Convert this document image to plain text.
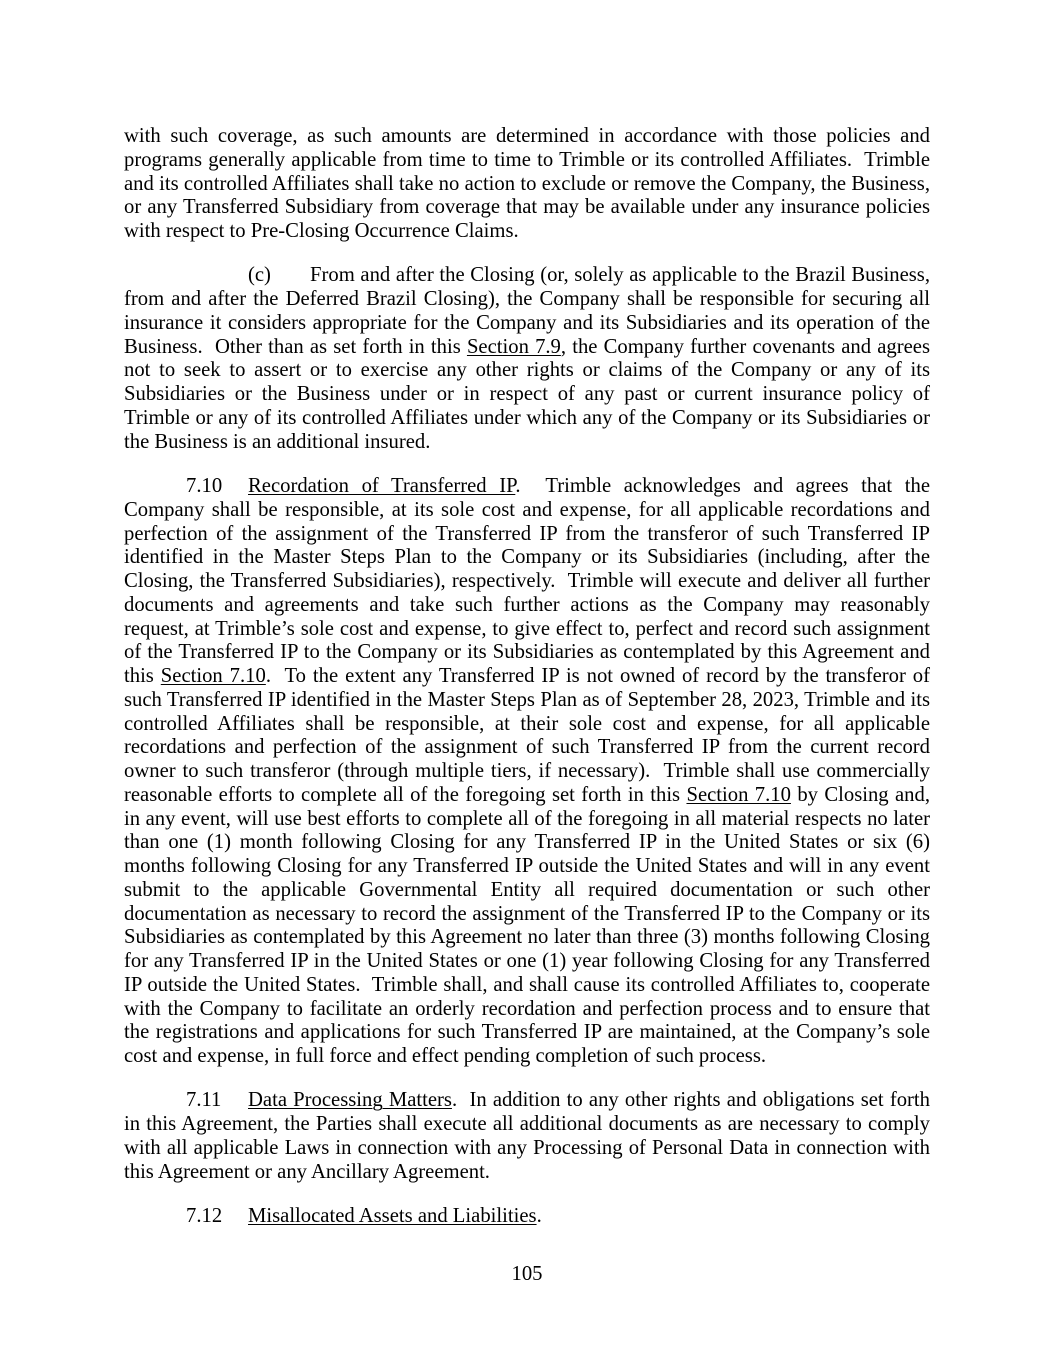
with such coverage, as such amounts are determined in accordance with those policies and programs generally applicable from time to time to Trimble or its controlled Affiliates.  Trimble and its controlled Affiliates shall take no action to exclude or remove the Company, the Business, or any Transferred Subsidiary from coverage that may be available under any insurance policies with respect to Pre-Closing Occurrence Claims.

(c) From and after the Closing (or, solely as applicable to the Brazil Business, from and after the Deferred Brazil Closing), the Company shall be responsible for securing all insurance it considers appropriate for the Company and its Subsidiaries and its operation of the Business.  Other than as set forth in this Section 7.9, the Company further covenants and agrees not to seek to assert or to exercise any other rights or claims of the Company or any of its Subsidiaries or the Business under or in respect of any past or current insurance policy of Trimble or any of its controlled Affiliates under which any of the Company or its Subsidiaries or the Business is an additional insured.

7.10 Recordation of Transferred IP.  Trimble acknowledges and agrees that the Company shall be responsible, at its sole cost and expense, for all applicable recordations and perfection of the assignment of the Transferred IP from the transferor of such Transferred IP identified in the Master Steps Plan to the Company or its Subsidiaries (including, after the Closing, the Transferred Subsidiaries), respectively.  Trimble will execute and deliver all further documents and agreements and take such further actions as the Company may reasonably request, at Trimble’s sole cost and expense, to give effect to, perfect and record such assignment of the Transferred IP to the Company or its Subsidiaries as contemplated by this Agreement and this Section 7.10.  To the extent any Transferred IP is not owned of record by the transferor of such Transferred IP identified in the Master Steps Plan as of September 28, 2023, Trimble and its controlled Affiliates shall be responsible, at their sole cost and expense, for all applicable recordations and perfection of the assignment of such Transferred IP from the current record owner to such transferor (through multiple tiers, if necessary).  Trimble shall use commercially reasonable efforts to complete all of the foregoing set forth in this Section 7.10 by Closing and, in any event, will use best efforts to complete all of the foregoing in all material respects no later than one (1) month following Closing for any Transferred IP in the United States or six (6) months following Closing for any Transferred IP outside the United States and will in any event submit to the applicable Governmental Entity all required documentation or such other documentation as necessary to record the assignment of the Transferred IP to the Company or its Subsidiaries as contemplated by this Agreement no later than three (3) months following Closing for any Transferred IP in the United States or one (1) year following Closing for any Transferred IP outside the United States.  Trimble shall, and shall cause its controlled Affiliates to, cooperate with the Company to facilitate an orderly recordation and perfection process and to ensure that the registrations and applications for such Transferred IP are maintained, at the Company’s sole cost and expense, in full force and effect pending completion of such process.

7.11 Data Processing Matters.  In addition to any other rights and obligations set forth in this Agreement, the Parties shall execute all additional documents as are necessary to comply with all applicable Laws in connection with any Processing of Personal Data in connection with this Agreement or any Ancillary Agreement.

7.12 Misallocated Assets and Liabilities.

105
